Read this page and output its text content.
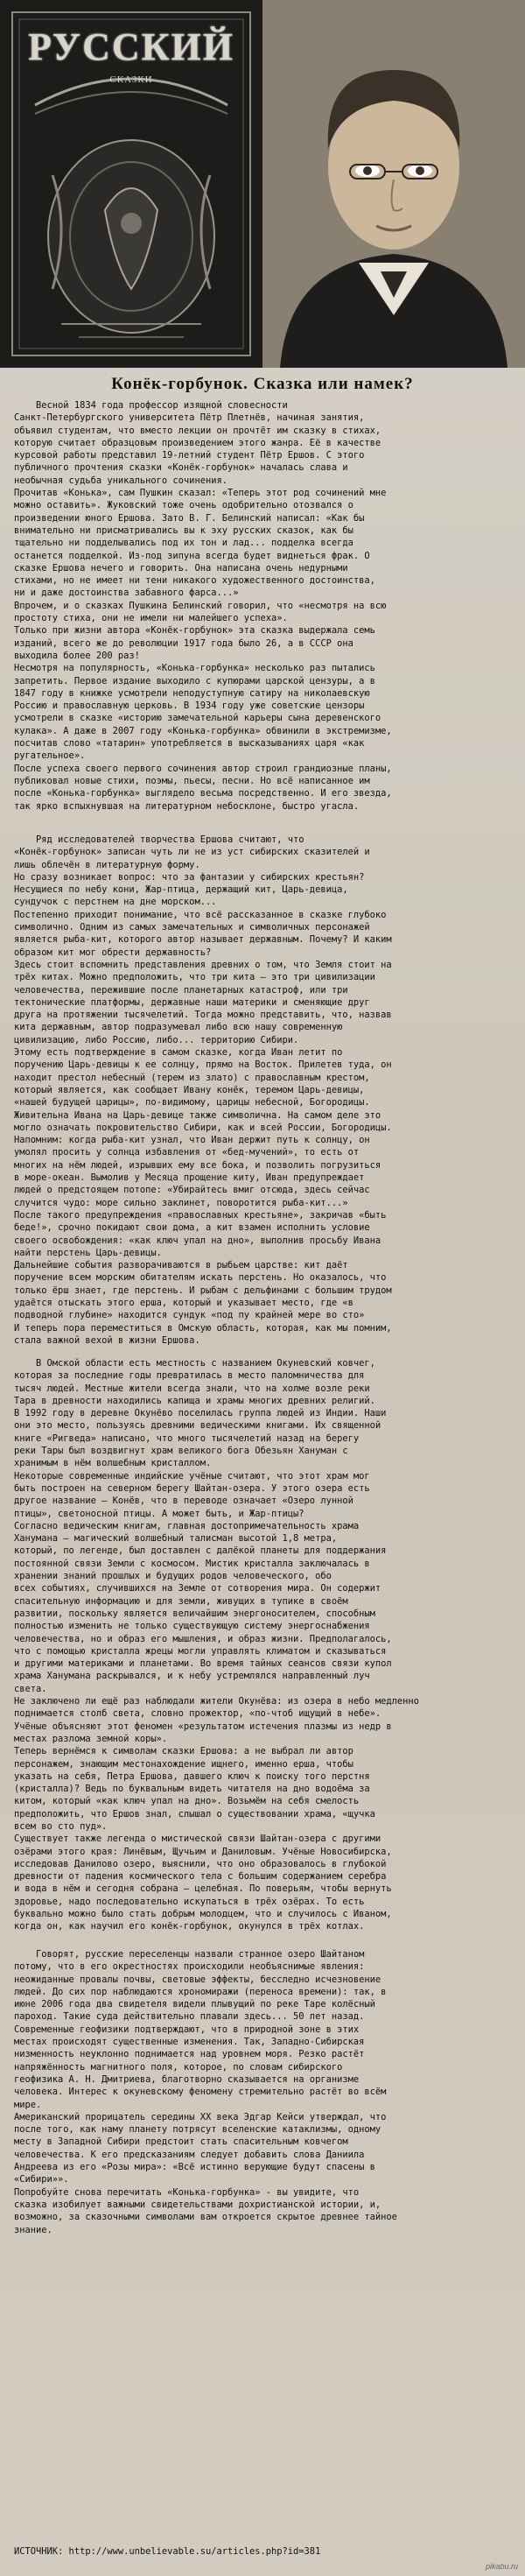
РУССКИЙ
СКАЗКИ
Конёк-горбунок. Сказка или намек?

Весной 1834 года профессор изящной словесности

Санкт-Петербургского университета Пётр Плетнёв, начиная занятия,

объявил студентам, что вместо лекции он прочтёт им сказку в стихах,

которую считает образцовым произведением этого жанра. Её в качестве

курсовой работы представил 19-летний студент Пётр Ершов. С этого

публичного прочтения сказки «Конёк-горбунок» началась слава и

необычная судьба уникального сочинения.

Прочитав «Конька», сам Пушкин сказал: «Теперь этот род сочинений мне

можно оставить». Жуковский тоже очень одобрительно отозвался о

произведении юного Ершова. Зато В. Г. Белинский написал: «Как бы

внимательно ни присматривались вы к эху русских сказок, как бы

тщательно ни подделывались под их тон и лад... подделка всегда

останется подделкой. Из-под зипуна всегда будет виднеться фрак. О

сказке Ершова нечего и говорить. Она написана очень недурными

стихами, но не имеет ни тени никакого художественного достоинства,

ни и даже достоинства забавного фарса...»

Впрочем, и о сказках Пушкина Белинский говорил, что «несмотря на всю

простоту стиха, они не имели ни малейшего успеха».

Только при жизни автора «Конёк-горбунок» эта сказка выдержала семь

изданий, всего же до революции 1917 года было 26, а в СССР она

выходила более 200 раз!

Несмотря на популярность, «Конька-горбунка» несколько раз пытались

запретить. Первое издание выходило с купюрами царской цензуры, а в

1847 году в книжке усмотрели неподуступную сатиру на николаевскую

Россию и православную церковь. В 1934 году уже советские цензоры

усмотрели в сказке «историю замечательной карьеры сына деревенского

кулака». А даже в 2007 году «Конька-горбунка» обвинили в экстремизме,

посчитав слово «татарин» употребляется в высказываниях царя «как

ругательное».

После успеха своего первого сочинения автор строил грандиозные планы,

публиковал новые стихи, поэмы, пьесы, песни. Но всё написанное им

после «Конька-горбунка» выглядело весьма посредственно. И его звезда,

так ярко вспыхнувшая на литературном небосклоне, быстро угасла.

Ряд исследователей творчества Ершова считают, что

«Конёк-горбунок» записан чуть ли не из уст сибирских сказителей и

лишь облечён в литературную форму.

Но сразу возникает вопрос: что за фантазии у сибирских крестьян?

Несущиеся по небу кони, Жар-птица, держащий кит, Царь-девица,

сундучок с перстнем на дне морском...

Постепенно приходит понимание, что всё рассказанное в сказке глубоко

символично. Одним из самых замечательных и символичных персонажей

является рыба-кит, которого автор называет державным. Почему? И каким

образом кит мог обрести державность?

Здесь стоит вспомнить представления древних о том, что Земля стоит на

трёх китах. Можно предположить, что три кита – это три цивилизации

человечества, пережившие после планетарных катастроф, или три

тектонические платформы, державные наши материки и сменяющие друг

друга на протяжении тысячелетий. Тогда можно представить, что, назвав

кита державным, автор подразумевал либо всю нашу современную

цивилизацию, либо Россию, либо... территорию Сибири.

Этому есть подтверждение в самом сказке, когда Иван летит по

поручению Царь-девицы к ее солнцу, прямо на Восток. Прилетев туда, он

находит престол небесный (терем из злато) с православным крестом,

который является, как сообщает Ивану конёк, теремом Царь-девицы,

«нашей будущей царицы», по-видимому, царицы небесной, Богородицы.

Живительна Ивана на Царь-девице также символична. На самом деле это

могло означать покровительство Сибири, как и всей России, Богородицы.

Напомним: когда рыба-кит узнал, что Иван держит путь к солнцу, он

умолял просить у солнца избавления от «бед-мучений», то есть от

многих на нём людей, изрывших ему все бока, и позволить погрузиться

в море-океан. Вымолив у Месяца прощение киту, Иван предупреждает

людей о предстоящем потопе: «Убирайтесь вмиг отсюда, здесь сейчас

случится чудо: море сильно заклинет, поворотится рыба-кит...»

После такого предупреждения «православных крестьяне», закричав «быть

беде!», срочно покидают свои дома, а кит взамен исполнить условие

своего освобождения: «как ключ упал на дно», выполнив просьбу Ивана

найти перстень Царь-девицы.

Дальнейшие события разворачиваются в рыбьем царстве: кит даёт

поручение всем морским обитателям искать перстень. Но оказалось, что

только ёрш знает, где перстень. И рыбам с дельфинами с большим трудом

удаётся отыскать этого ерша, который и указывает место, где «в

подводной глубине» находится сундук «под пу крайней мере во сто»

И теперь пора переместиться в Омскую область, которая, как мы помним,

стала важной вехой в жизни Ершова.

В Омской области есть местность с названием Окуневский ковчег,

которая за последние годы превратилась в место паломничества для

тысяч людей. Местные жители всегда знали, что на холме возле реки

Тара в древности находились капища и храмы многих древних религий.

В 1992 году в деревне Окунёво поселилась группа людей из Индии. Наши

они это место, пользуясь древними ведическими книгами. Их священной

книге «Ригведа» написано, что много тысячелетий назад на берегу

реки Тары был воздвигнут храм великого бога Обезьян Хануман с

хранимым в нём волшебным кристаллом.

Некоторые современные индийские учёные считают, что этот храм мог

быть построен на северном берегу Шайтан-озера. У этого озера есть

другое название – Конёв, что в переводе означает «Озеро лунной

птицы», светоносной птицы. А может быть, и Жар-птицы?

Согласно ведическим книгам, главная достопримечательность храма

Ханумана – магический волшебный талисман высотой 1,8 метра,

который, по легенде, был доставлен с далёкой планеты для поддержания

постоянной связи Земли с космосом. Мистик кристалла заключалась в

хранении знаний прошлых и будущих родов человеческого, обо

всех событиях, случившихся на Земле от сотворения мира. Он содержит

спасительную информацию и для земли, живущих в тупике в своём

развитии, поскольку является величайшим энергоносителем, способным

полностью изменить не только существующую систему энергоснабжения

человечества, но и образ его мышления, и образ жизни. Предполагалось,

что с помощью кристалла жрецы могли управлять климатом и сказываться

и другими материками и планетами. Во время тайных сеансов связи купол

храма Ханумана раскрывался, и к небу устремлялся направленный луч

света.

Не заключено ли ещё раз наблюдали жители Окунёва: из озера в небо медленно

поднимается столб света, словно прожектор, «по-чтоб ищущий в небе».

Учёные объясняют этот феномен «результатом истечения плазмы из недр в

местах разлома земной коры».

Теперь вернёмся к символам сказки Ершова: а не выбрал ли автор

персонажем, знающим местонахождение ищнего, именно ерша, чтобы

указать на себя, Петра Ершова, давшего ключ к поиску того перстня

(кристалла)? Ведь по буквальным видеть читателя на дно водоёма за

китом, который «как ключ упал на дно». Возьмём на себя смелость

предположить, что Ершов знал, слышал о существовании храма, «щучка

всем во сто пуд».

Существует также легенда о мистической связи Шайтан-озера с другими

озёрами этого края: Линёвым, Щучьим и Даниловым. Учёные Новосибирска,

исследовав Данилово озеро, выяснили, что оно образовалось в глубокой

древности от падения космического тела с большим содержанием серебра

и вода в нём и сегодня собрана – целебная. По поверьям, чтобы вернуть

здоровье, надо последовательно искупаться в трёх озёрах. То есть

буквально можно было стать добрым молодцем, что и случилось с Иваном,

когда он, как научил его конёк-горбунок, окунулся в трёх котлах.

Говорят, русские переселенцы назвали странное озеро Шайтаном

потому, что в его окрестностях происходили необъяснимые явления:

неожиданные провалы почвы, световые эффекты, бесследно исчезновение

людей. До сих пор наблюдаются хрономиражи (переноса времени): так, в

июне 2006 года два свидетеля видели плывущий по реке Таре колёсный

пароход. Такие суда действительно плавали здесь... 50 лет назад.

Современные геофизики подтверждают, что в природной зоне в этих

местах происходят существенные изменения. Так, Западно-Сибирская

низменность неуклонно поднимается над уровнем моря. Резко растёт

напряжённость магнитного поля, которое, по словам сибирского

геофизика А. Н. Дмитриева, благотворно сказывается на организме

человека. Интерес к окуневскому феномену стремительно растёт во всём

мире.

Американский прорицатель середины XX века Эдгар Кейси утверждал, что

после того, как наму планету потрясут вселенские катаклизмы, одному

месту в Западной Сибири предстоит стать спасительным ковчегом

человечества. К его предсказаниям следует добавить слова Даниила

Андреева из его «Розы мира»: «Всё истинно верующие будут спасены в

«Сибири»».

Попробуйте снова перечитать «Конька-горбунка» - вы увидите, что

сказка изобилует важными свидетельствами дохристианской истории, и,

возможно, за сказочными символами вам откроется скрытое древнее тайное

знание.

ИСТОЧНИК: http://www.unbelievable.su/articles.php?id=381
pikabu.ru
